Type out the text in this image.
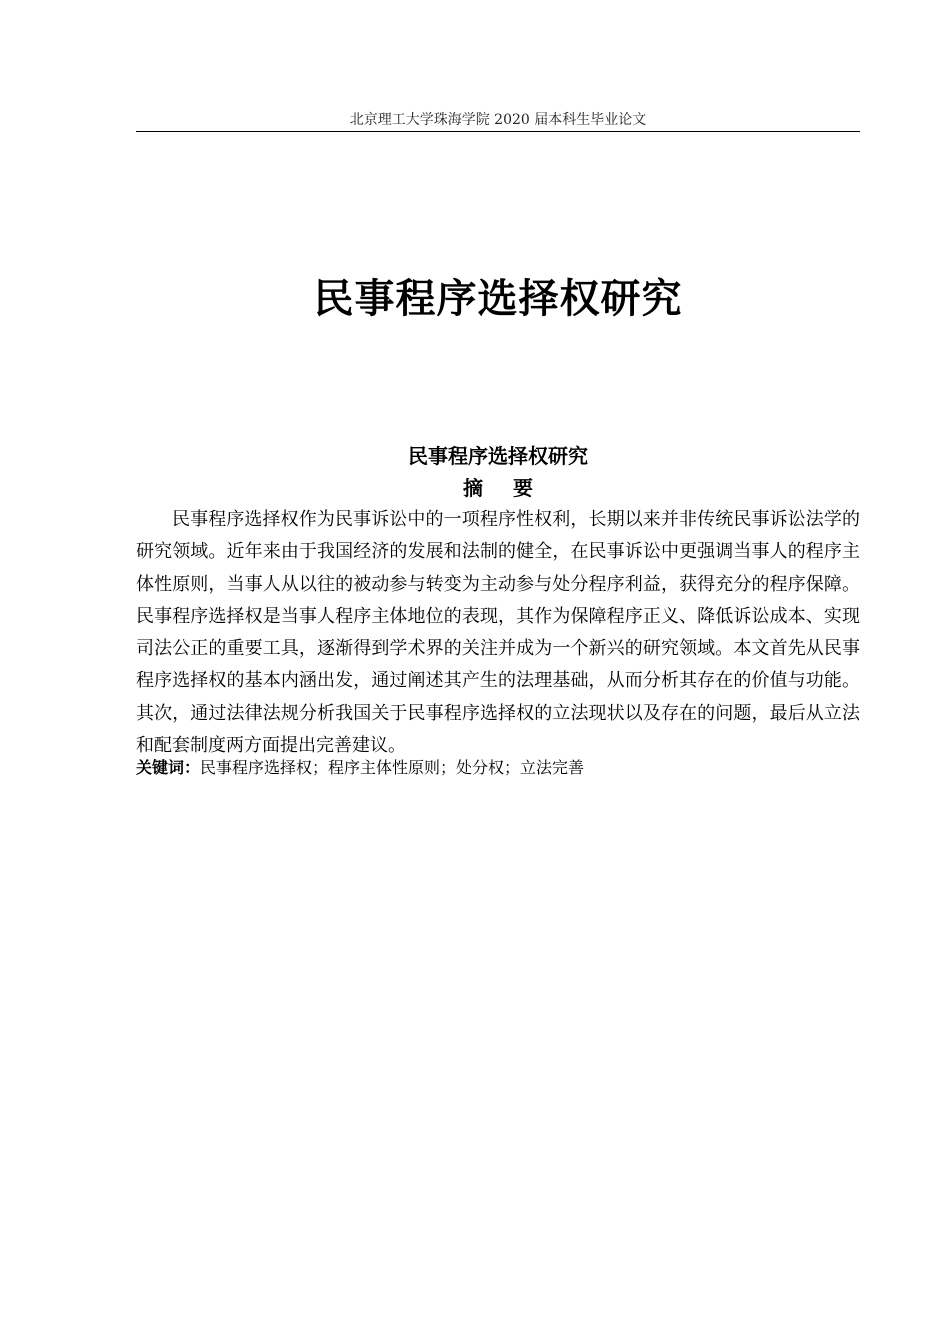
北京理工大学珠海学院 2020 届本科生毕业论文
民事程序选择权研究
民事程序选择权研究
摘 要

民事程序选择权作为民事诉讼中的一项程序性权利，长期以来并非传统民事诉讼法学的研究领域。近年来由于我国经济的发展和法制的健全，在民事诉讼中更强调当事人的程序主体性原则，当事人从以往的被动参与转变为主动参与处分程序利益，获得充分的程序保障。民事程序选择权是当事人程序主体地位的表现，其作为保障程序正义、降低诉讼成本、实现司法公正的重要工具，逐渐得到学术界的关注并成为一个新兴的研究领域。本文首先从民事程序选择权的基本内涵出发，通过阐述其产生的法理基础，从而分析其存在的价值与功能。其次，通过法律法规分析我国关于民事程序选择权的立法现状以及存在的问题，最后从立法和配套制度两方面提出完善建议。

关键词：民事程序选择权；程序主体性原则；处分权；立法完善
